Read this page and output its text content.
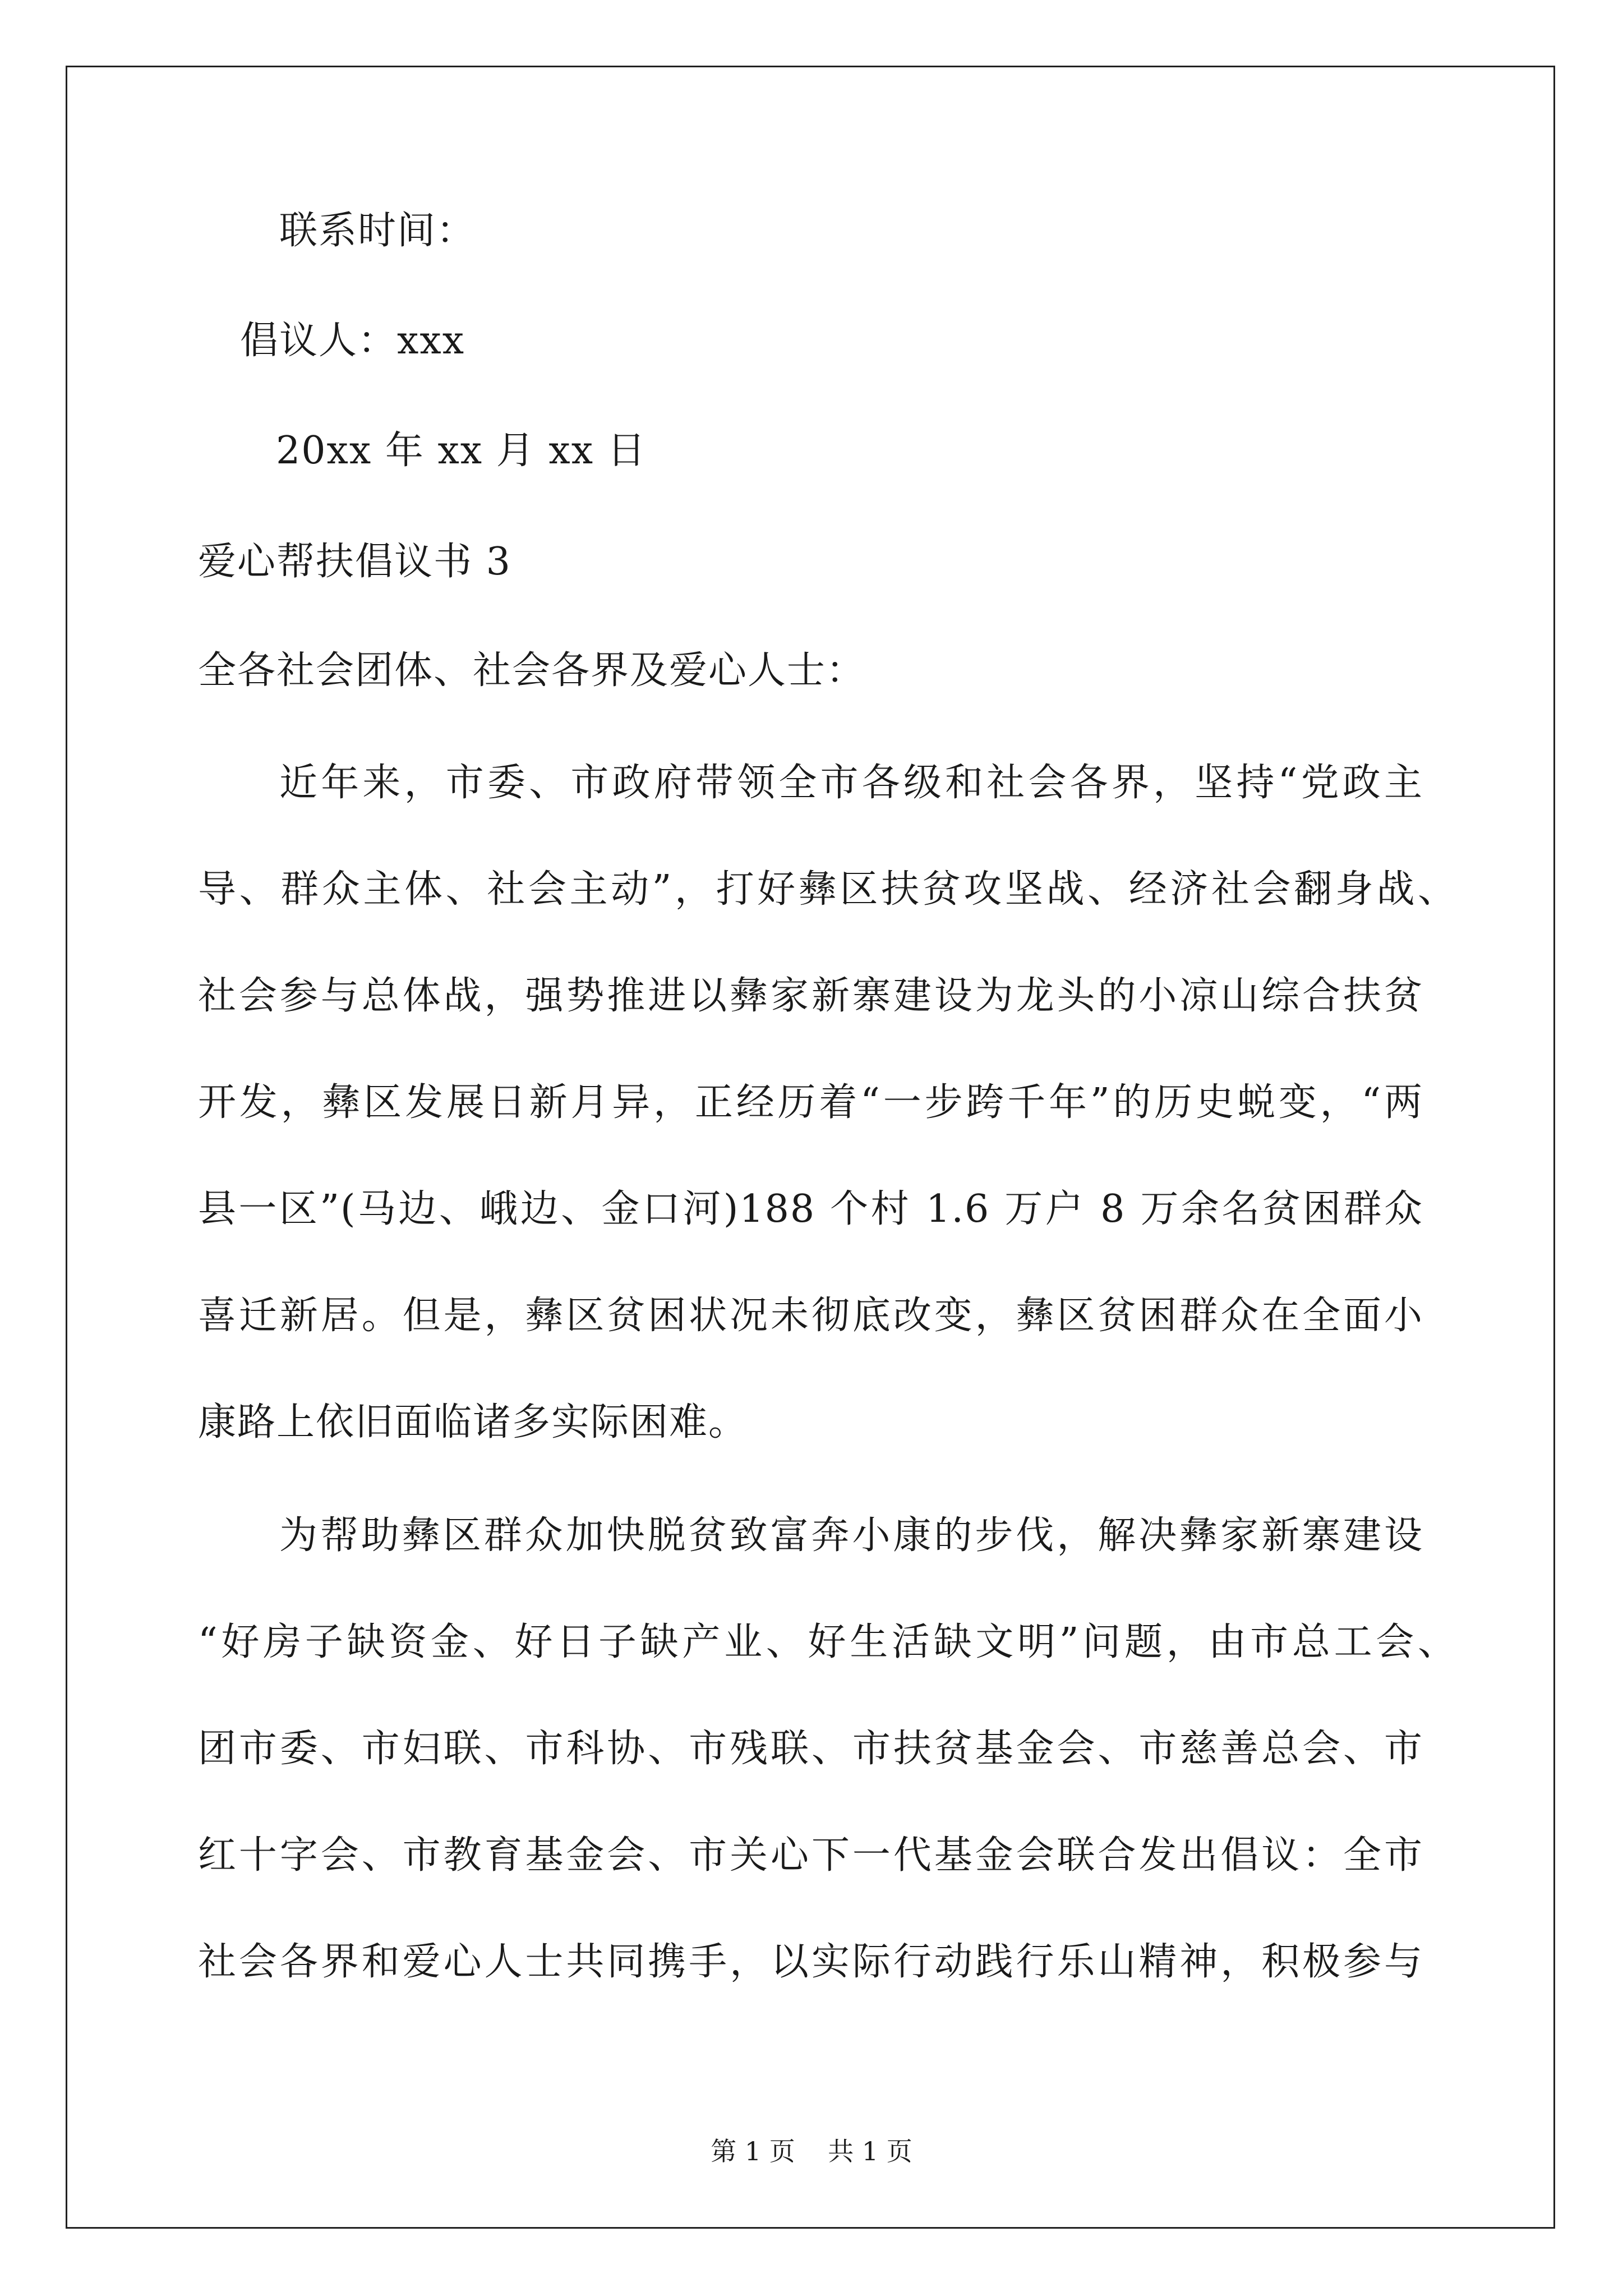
联系时间：
倡议人：xxx
20xx 年 xx 月 xx 日
爱心帮扶倡议书 3
全各社会团体、社会各界及爱心人士：
近年来，市委、市政府带领全市各级和社会各界，坚持“党政主
导、群众主体、社会主动”，打好彝区扶贫攻坚战、经济社会翻身战、
社会参与总体战，强势推进以彝家新寨建设为龙头的小凉山综合扶贫
开发，彝区发展日新月异，正经历着“一步跨千年”的历史蜕变，“两
县一区”(马边、峨边、金口河)188 个村 1.6 万户 8 万余名贫困群众
喜迁新居。但是，彝区贫困状况未彻底改变，彝区贫困群众在全面小
康路上依旧面临诸多实际困难。
为帮助彝区群众加快脱贫致富奔小康的步伐，解决彝家新寨建设
“好房子缺资金、好日子缺产业、好生活缺文明”问题，由市总工会、
团市委、市妇联、市科协、市残联、市扶贫基金会、市慈善总会、市
红十字会、市教育基金会、市关心下一代基金会联合发出倡议：全市
社会各界和爱心人士共同携手，以实际行动践行乐山精神，积极参与
第 1 页    共 1 页
